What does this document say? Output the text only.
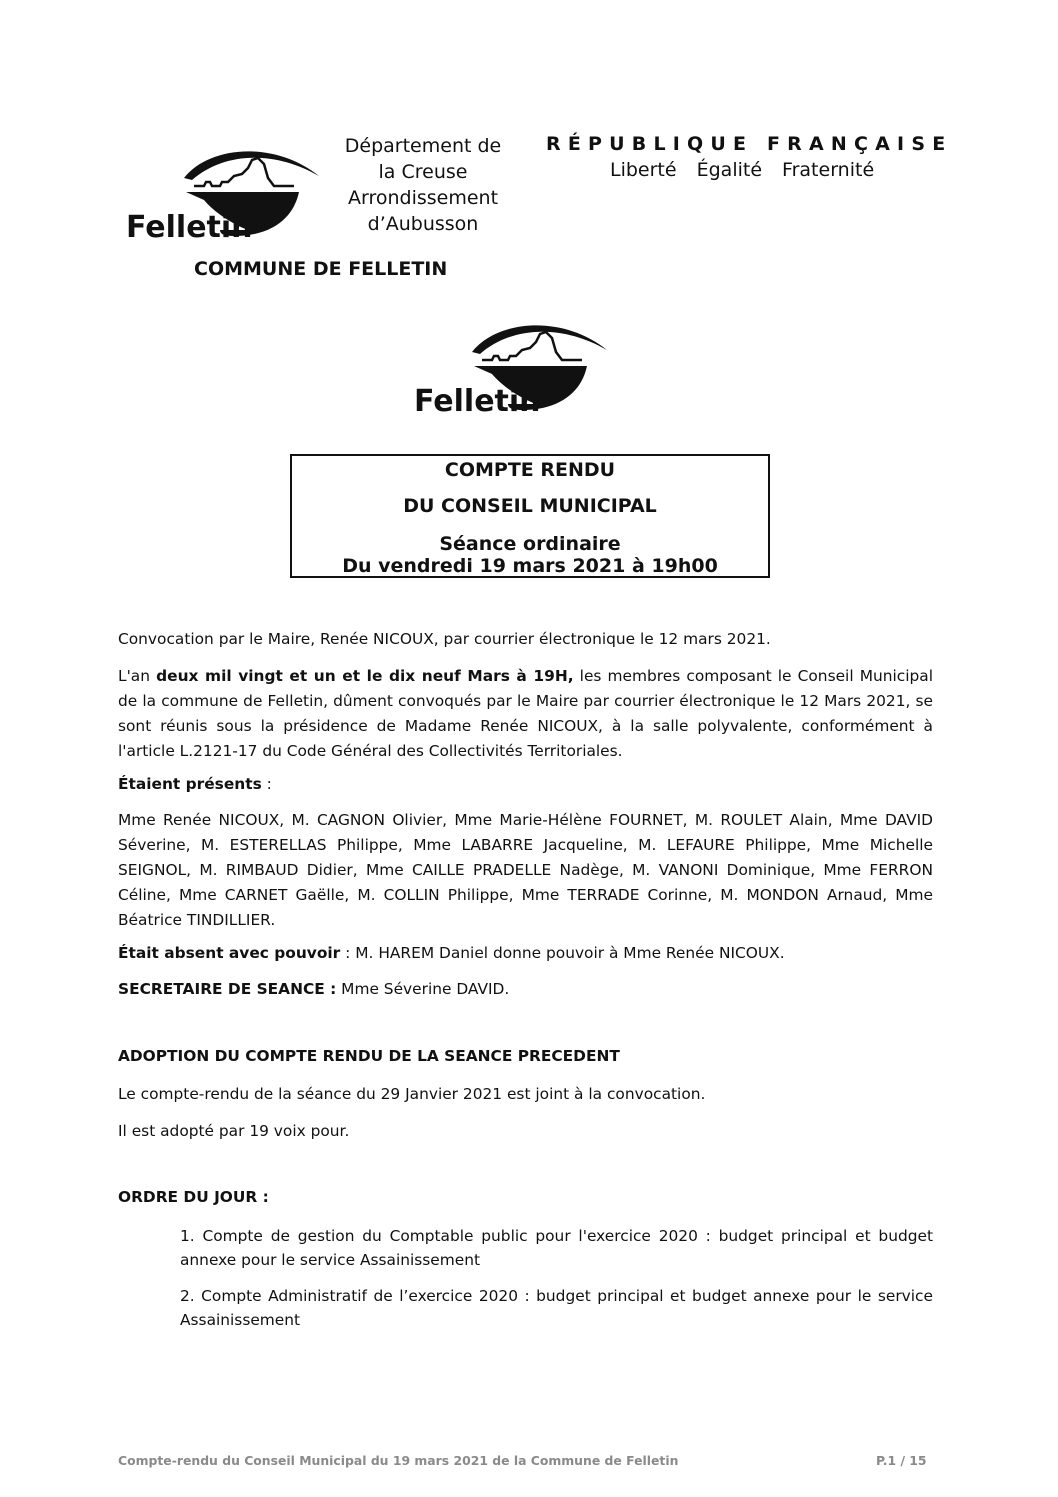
Felletin
Département de
la Creuse
Arrondissement
d’Aubusson
RÉPUBLIQUE FRANÇAISE
Liberté Égalité Fraternité
COMMUNE DE FELLETIN
Felletin
COMPTE RENDU
DU CONSEIL MUNICIPAL
Séance ordinaire
Du vendredi 19 mars 2021 à 19h00
Convocation par le Maire, Renée NICOUX, par courrier électronique le 12 mars 2021.
L'an deux mil vingt et un et le dix neuf Mars à 19H, les membres composant le Conseil Municipal de la commune de Felletin, dûment convoqués par le Maire par courrier électronique le 12 Mars 2021, se sont réunis sous la présidence de Madame Renée NICOUX, à la salle polyvalente, conformément à l'article L.2121-17 du Code Général des Collectivités Territoriales.
Étaient présents :
Mme Renée NICOUX, M. CAGNON Olivier, Mme Marie-Hélène FOURNET, M. ROULET Alain, Mme DAVID Séverine, M. ESTERELLAS Philippe, Mme LABARRE Jacqueline, M. LEFAURE Philippe, Mme Michelle SEIGNOL, M. RIMBAUD Didier, Mme CAILLE PRADELLE Nadège, M. VANONI Dominique, Mme FERRON Céline, Mme CARNET Gaëlle, M. COLLIN Philippe, Mme TERRADE Corinne, M. MONDON Arnaud, Mme Béatrice TINDILLIER.
Était absent avec pouvoir : M. HAREM Daniel donne pouvoir à Mme Renée NICOUX.
SECRETAIRE DE SEANCE : Mme Séverine DAVID.
ADOPTION DU COMPTE RENDU DE LA SEANCE PRECEDENT
Le compte-rendu de la séance du 29 Janvier 2021 est joint à la convocation.
Il est adopté par 19 voix pour.
ORDRE DU JOUR :
1. Compte de gestion du Comptable public pour l'exercice 2020 : budget principal et budget annexe pour le service Assainissement
2. Compte Administratif de l’exercice 2020 : budget principal et budget annexe pour le service Assainissement
Compte-rendu du Conseil Municipal du 19 mars 2021 de la Commune de Felletin	P.1 / 15
